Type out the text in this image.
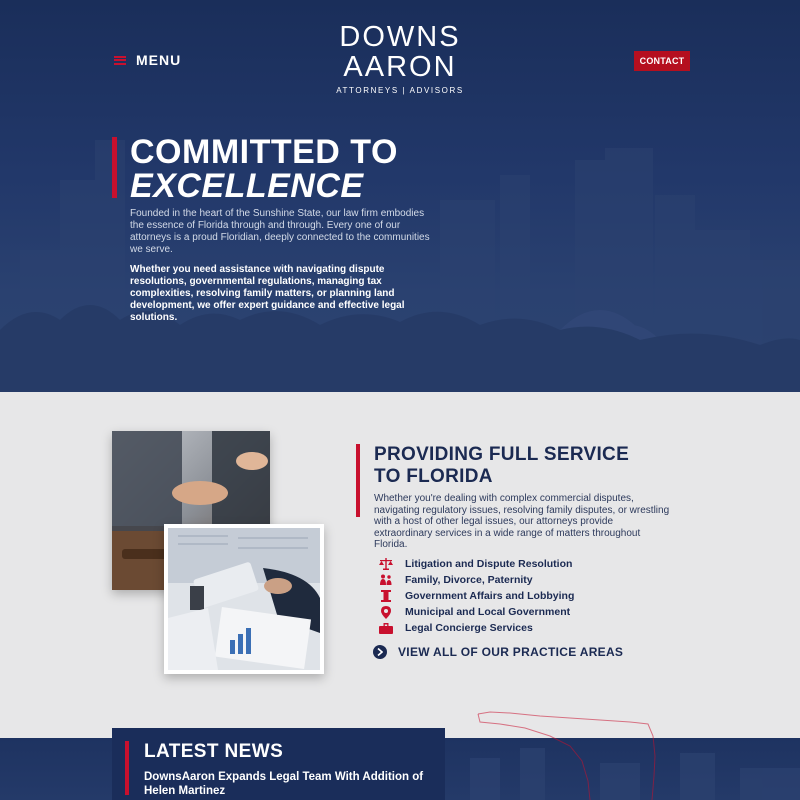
MENU
DOWNS
AARON
ATTORNEYS | ADVISORS
CONTACT
COMMITTED TO
EXCELLENCE

Founded in the heart of the Sunshine State, our law firm embodies the essence of Florida through and through. Every one of our attorneys is a proud Floridian, deeply connected to the communities we serve.

Whether you need assistance with navigating dispute resolutions, governmental regulations, managing tax complexities, resolving family matters, or planning land development, we offer expert guidance and effective legal solutions.

PROVIDING FULL SERVICE
TO FLORIDA

Whether you're dealing with complex commercial disputes, navigating regulatory issues, resolving family disputes, or wrestling with a host of other legal issues, our attorneys provide extraordinary services in a wide range of matters throughout Florida.

Litigation and Dispute Resolution
Family, Divorce, Paternity
Government Affairs and Lobbying
Municipal and Local Government
Legal Concierge Services
VIEW ALL OF OUR PRACTICE AREAS
LATEST NEWS
DownsAaron Expands Legal Team With Addition of Helen Martinez
